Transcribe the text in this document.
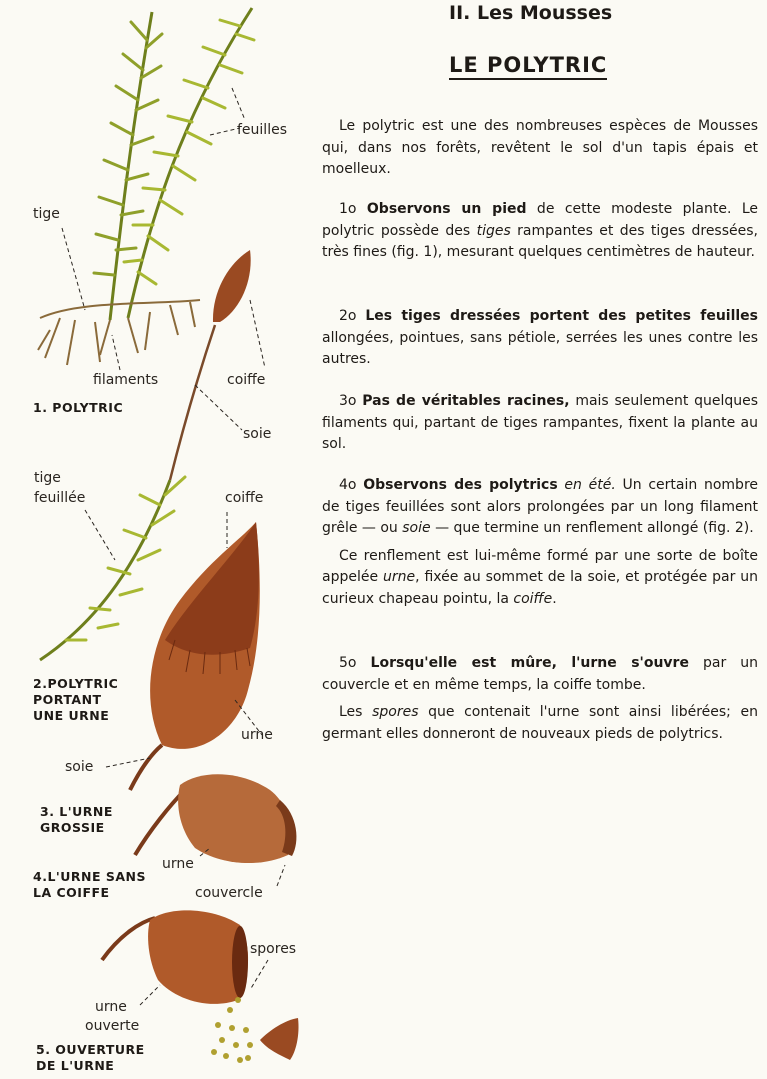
feuilles
tige
filaments	coiffe
soie
tige
feuillée	coiffe
urne
soie
urne
couvercle
spores
urne
ouverte
1. POLYTRIC
2.POLYTRIC
PORTANT
UNE URNE
3. L'URNE
GROSSIE
4.L'URNE SANS
LA COIFFE
5. OUVERTURE
DE L'URNE
II. Les Mousses
LE POLYTRIC

Le polytric est une des nombreuses espèces de Mousses qui, dans nos forêts, revêtent le sol d'un tapis épais et moelleux.

1o Observons un pied de cette modeste plante. Le polytric possède des tiges rampantes et des tiges dressées, très fines (fig. 1), mesurant quelques centimètres de hauteur.

2o Les tiges dressées portent des petites feuilles allongées, pointues, sans pétiole, serrées les unes contre les autres.

3o Pas de véritables racines, mais seulement quelques filaments qui, partant de tiges rampantes, fixent la plante au sol.

4o Observons des polytrics en été. Un certain nombre de tiges feuillées sont alors prolongées par un long filament grêle — ou soie — que termine un renflement allongé (fig. 2).

Ce renflement est lui-même formé par une sorte de boîte appelée urne, fixée au sommet de la soie, et protégée par un curieux chapeau pointu, la coiffe.

5o Lorsqu'elle est mûre, l'urne s'ouvre par un couvercle et en même temps, la coiffe tombe.

Les spores que contenait l'urne sont ainsi libérées; en germant elles donneront de nouveaux pieds de polytrics.
